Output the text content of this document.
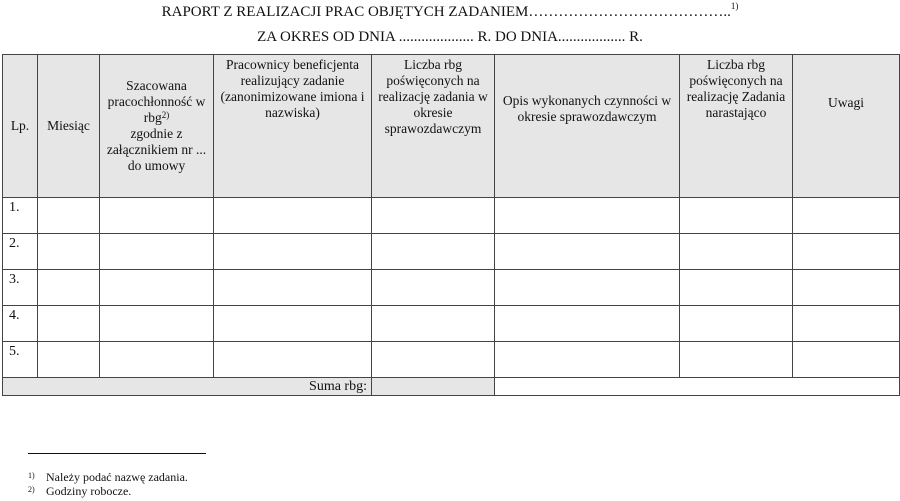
RAPORT Z REALIZACJI PRAC OBJĘTYCH ZADANIEM…………………………………..$^{1)}$
ZA OKRES OD DNIA .................... R. DO DNIA.................. R.
Lp.	Miesiąc	Szacowana pracochłonność w rbg$^{2)}$
zgodnie z załącznikiem nr ... do umowy	Pracownicy beneficjenta realizujący zadanie (zanonimizowane imiona i nazwiska)	Liczba rbg poświęconych na realizację zadania w okresie sprawozdawczym	Opis wykonanych czynności w okresie sprawozdawczym	Liczba rbg poświęconych na realizację Zadania narastająco	Uwagi
1.							
2.							
3.							
4.							
5.							
Suma rbg:							
1) Należy podać nazwę zadania.
2) Godziny robocze.
